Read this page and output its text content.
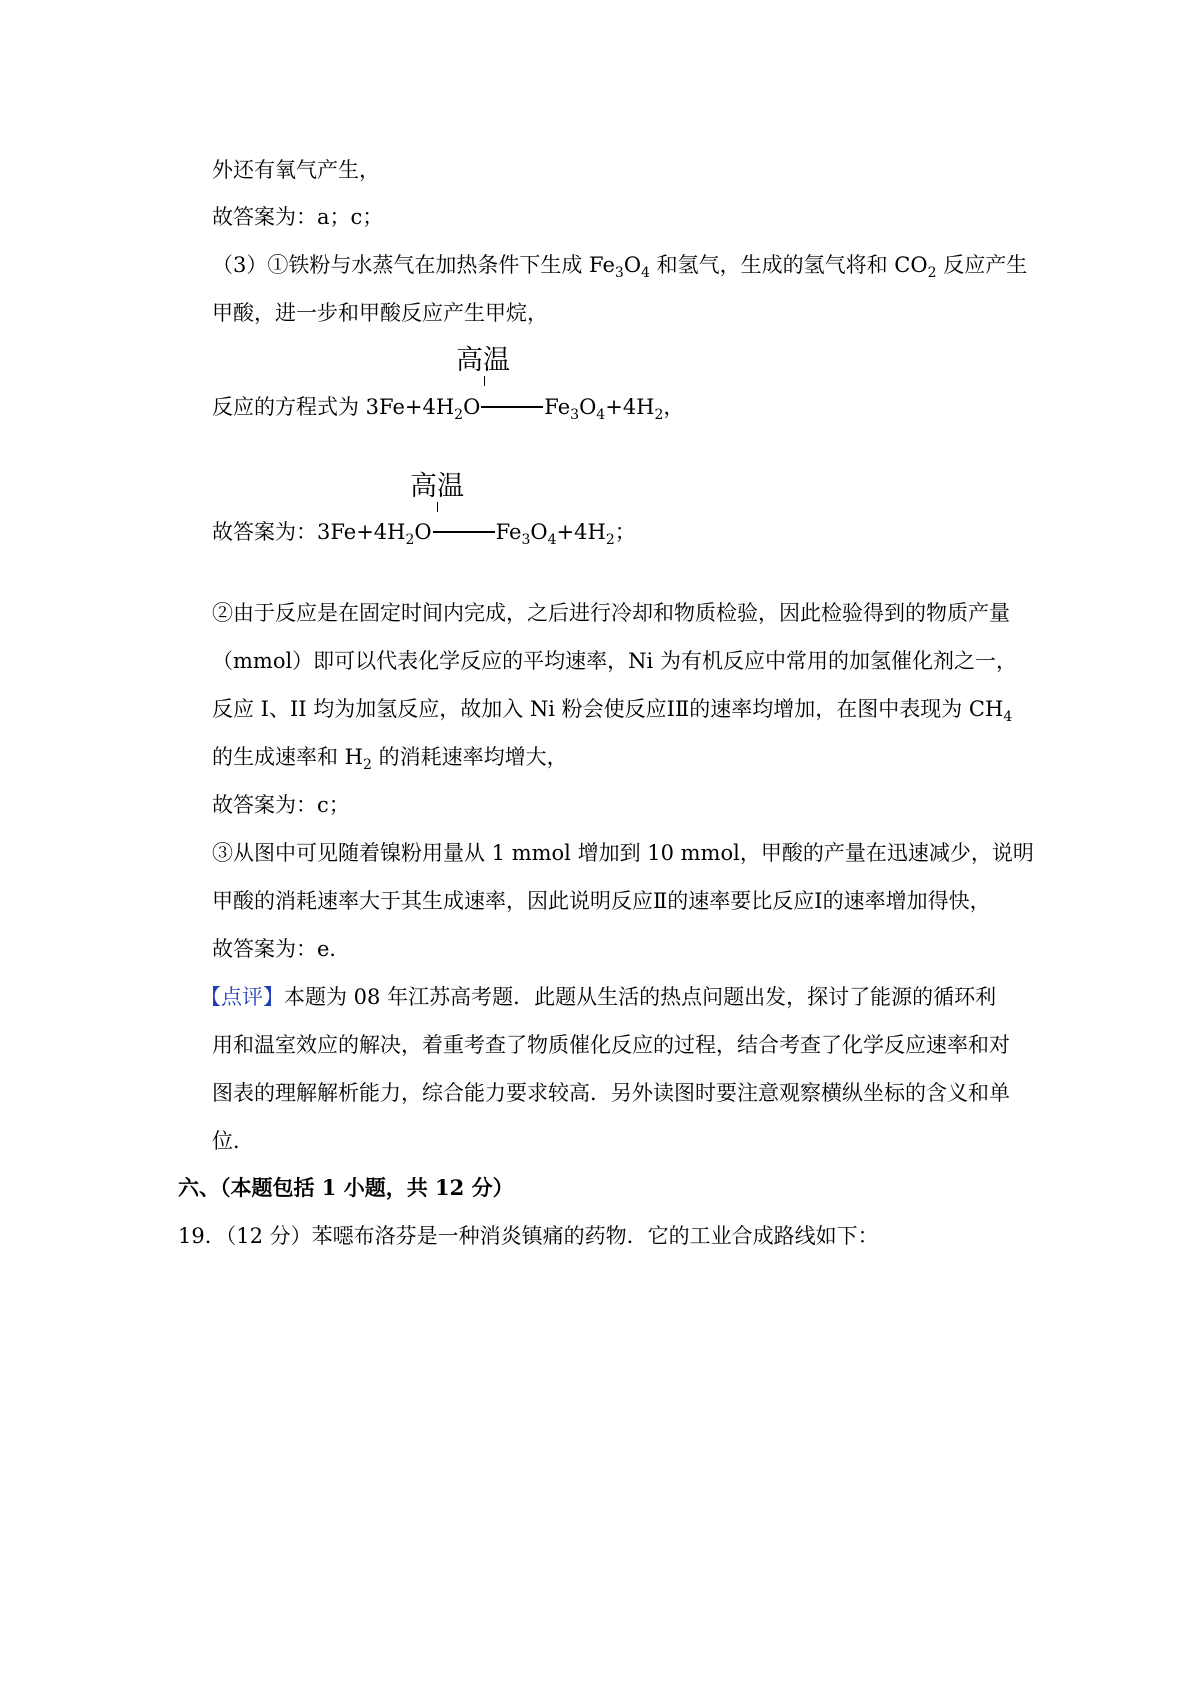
外还有氧气产生，
故答案为：a；c；
（3）①铁粉与水蒸气在加热条件下生成 $Fe_3O_4$ 和氢气，生成的氢气将和 $CO_2$ 反应产生
甲酸，进一步和甲酸反应产生甲烷，
高温
反应的方程式为 $3Fe+4H_2O$	$Fe_3O_4+4H_2$，
高温
故答案为：$3Fe+4H_2O$	$Fe_3O_4+4H_2$；
②由于反应是在固定时间内完成，之后进行冷却和物质检验，因此检验得到的物质产量
（mmol）即可以代表化学反应的平均速率，Ni 为有机反应中常用的加氢催化剂之一，
反应 I、II 均为加氢反应，故加入 Ni 粉会使反应ⅠⅡ的速率均增加，在图中表现为 $CH_4$
的生成速率和 $H_2$ 的消耗速率均增大，
故答案为：c；
③从图中可见随着镍粉用量从 1 mmol 增加到 10 mmol，甲酸的产量在迅速减少，说明
甲酸的消耗速率大于其生成速率，因此说明反应Ⅱ的速率要比反应Ⅰ的速率增加得快，
故答案为：e．
【点评】本题为 08 年江苏高考题．此题从生活的热点问题出发，探讨了能源的循环利
用和温室效应的解决，着重考查了物质催化反应的过程，结合考查了化学反应速率和对
图表的理解解析能力，综合能力要求较高．另外读图时要注意观察横纵坐标的含义和单
位．
六、（本题包括 1 小题，共 12 分）
19．（12 分）苯噁布洛芬是一种消炎镇痛的药物．它的工业合成路线如下：
